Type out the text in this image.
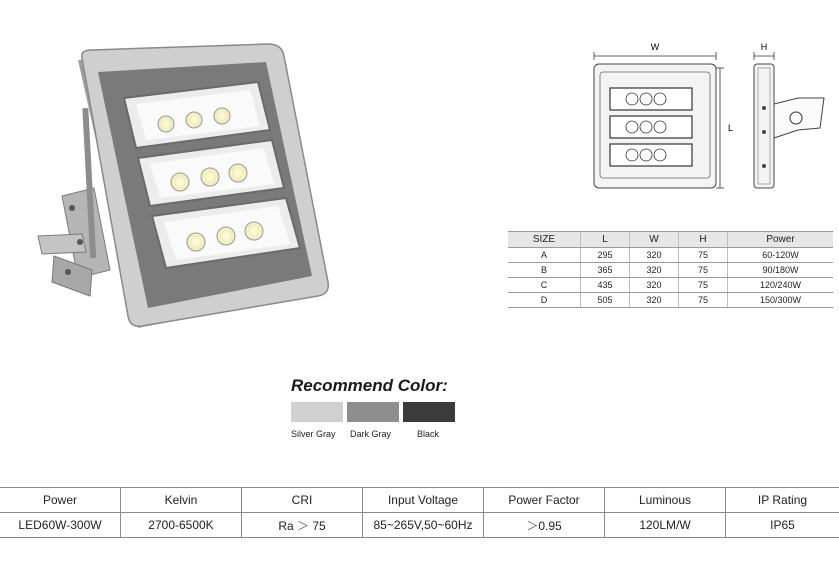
W
L
H
SIZE	L	W	H	Power
A	295	320	75	60-120W
B	365	320	75	90/180W
C	435	320	75	120/240W
D	505	320	75	150/300W
Recommend Color:
Silver Gray Dark Gray	Black
Power	Kelvin	CRI	Input Voltage	Power Factor	Luminous	IP Rating
LED60W-300W	2700-6500K	Ra ＞ 75	85~265V,50~60Hz	＞0.95	120LM/W	IP65
